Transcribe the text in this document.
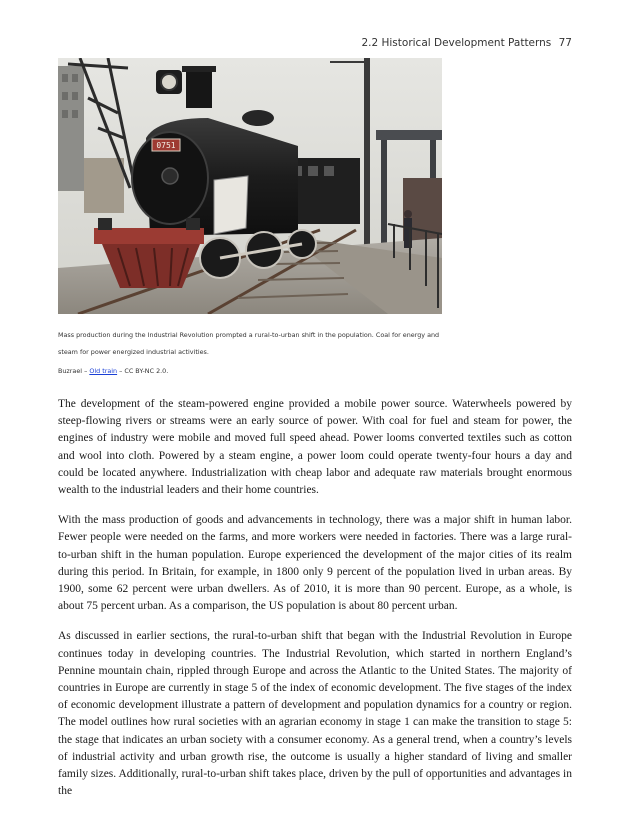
2.2 Historical Development Patterns 77
0751
Mass production during the Industrial Revolution prompted a rural-to-urban shift in the population. Coal for energy and steam for power energized industrial activities.
Buzrael – Old train – CC BY-NC 2.0.

The development of the steam-powered engine provided a mobile power source. Waterwheels powered by steep-flowing rivers or streams were an early source of power. With coal for fuel and steam for power, the engines of industry were mobile and moved full speed ahead. Power looms converted textiles such as cotton and wool into cloth. Powered by a steam engine, a power loom could operate twenty-four hours a day and could be located anywhere. Industrialization with cheap labor and adequate raw materials brought enormous wealth to the industrial leaders and their home countries.

With the mass production of goods and advancements in technology, there was a major shift in human labor. Fewer people were needed on the farms, and more workers were needed in factories. There was a large rural-to-urban shift in the human population. Europe experienced the development of the major cities of its realm during this period. In Britain, for example, in 1800 only 9 percent of the population lived in urban areas. By 1900, some 62 percent were urban dwellers. As of 2010, it is more than 90 percent. Europe, as a whole, is about 75 percent urban. As a comparison, the US population is about 80 percent urban.

As discussed in earlier sections, the rural-to-urban shift that began with the Industrial Revolution in Europe continues today in developing countries. The Industrial Revolution, which started in northern England’s Pennine mountain chain, rippled through Europe and across the Atlantic to the United States. The majority of countries in Europe are currently in stage 5 of the index of economic development. The five stages of the index of economic development illustrate a pattern of development and population dynamics for a country or region. The model outlines how rural societies with an agrarian economy in stage 1 can make the transition to stage 5: the stage that indicates an urban society with a consumer economy. As a general trend, when a country’s levels of industrial activity and urban growth rise, the outcome is usually a higher standard of living and smaller family sizes. Additionally, rural-to-urban shift takes place, driven by the pull of opportunities and advantages in the
